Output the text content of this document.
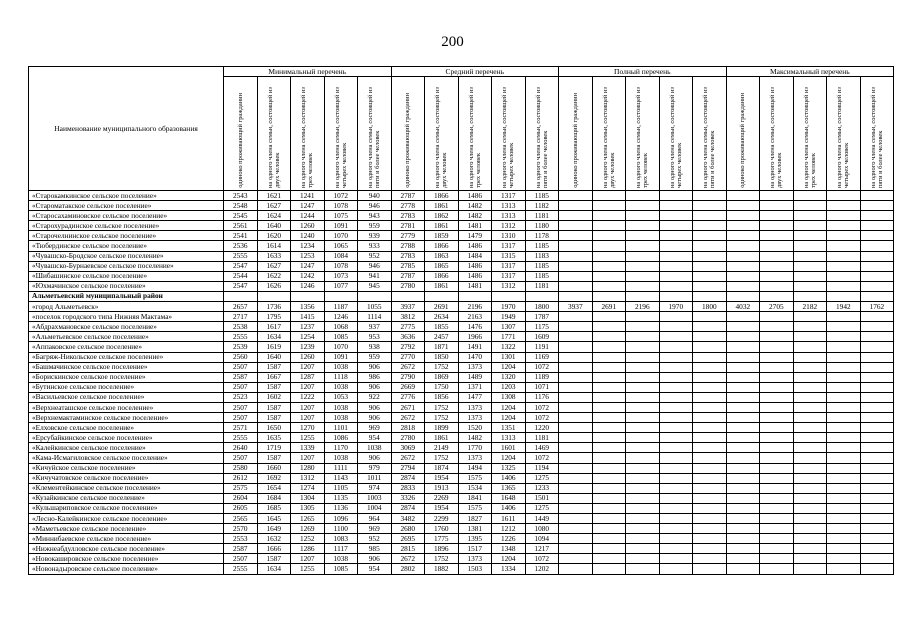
200
Наименование муниципального образования	Минимальный перечень					Средний перечень					Полный перечень					Максимальный перечень				

	одиноко проживающий гражданин	на одного члена семьи, состоящей из двух человек	на одного члена семьи, состоящей из трех человек	на одного члена семьи, состоящей из четырех человек	на одного члена семьи, состоящей из пяти и более человек	одиноко проживающий гражданин	на одного члена семьи, состоящей из двух человек	на одного члена семьи, состоящей из трех человек	на одного члена семьи, состоящей из четырех человек	на одного члена семьи, состоящей из пяти и более человек	одиноко проживающий гражданин	на одного члена семьи, состоящей из двух человек	на одного члена семьи, состоящей из трех человек	на одного члена семьи, состоящей из четырех человек	на одного члена семьи, состоящей из пяти и более человек	одиноко проживающий гражданин	на одного члена семьи, состоящей из двух человек	на одного члена семьи, состоящей из трех человек	на одного члена семьи, состоящей из четырех человек	на одного члена семьи, состоящей из пяти и более человек

«Старокамкинское сельское поселение»	2543	1621	1241	1072	940	2787	1866	1486	1317	1185										
«Староматакское сельское поселение»	2548	1627	1247	1078	946	2778	1861	1482	1313	1182										
«Старосахаминовское сельское поселение»	2545	1624	1244	1075	943	2783	1862	1482	1313	1181										
«Старохурадинское сельское поселение»	2561	1640	1260	1091	959	2781	1861	1481	1312	1180										
«Старочелнинское сельское поселение»	2541	1620	1240	1070	939	2779	1859	1479	1310	1178										
«Тюбердинское сельское поселение»	2536	1614	1234	1065	933	2788	1866	1486	1317	1185										
«Чувашско-Бродское сельское поселение»	2555	1633	1253	1084	952	2783	1863	1484	1315	1183										
«Чувашско-Бурнаевское сельское поселение»	2547	1627	1247	1078	946	2785	1865	1486	1317	1185										
«Шибашинское сельское поселение»	2544	1622	1242	1073	941	2787	1866	1486	1317	1185										
«Юхмачинское сельское поселение»	2547	1626	1246	1077	945	2780	1861	1481	1312	1181										
Альметьевский муниципальный район																				
«город Альметьевск»	2657	1736	1356	1187	1055	3937	2691	2196	1970	1800	3937	2691	2196	1970	1800	4032	2705	2182	1942	1762
«поселок городского типа Нижняя Мактама»	2717	1795	1415	1246	1114	3812	2634	2163	1949	1787										
«Абдрахмановское сельское поселение»	2538	1617	1237	1068	937	2775	1855	1476	1307	1175										
«Альметьевское сельское поселение»	2555	1634	1254	1085	953	3636	2457	1966	1771	1609										
«Аппаковское сельское поселение»	2539	1619	1239	1070	938	2792	1871	1491	1322	1191										
«Багряж-Никольское сельское поселение»	2560	1640	1260	1091	959	2770	1850	1470	1301	1169										
«Башмачинское сельское поселение»	2507	1587	1207	1038	906	2672	1752	1373	1204	1072										
«Борискинское сельское поселение»	2587	1667	1287	1118	986	2790	1869	1489	1320	1189										
«Бутинское сельское поселение»	2507	1587	1207	1038	906	2669	1750	1371	1203	1071										
«Васильевское сельское поселение»	2523	1602	1222	1053	922	2776	1856	1477	1308	1176										
«Верхнеаташское сельское поселение»	2507	1587	1207	1038	906	2671	1752	1373	1204	1072										
«Верхнемактаминское сельское поселение»	2507	1587	1207	1038	906	2672	1752	1373	1204	1072										
«Елховское сельское поселение»	2571	1650	1270	1101	969	2818	1899	1520	1351	1220										
«Ерсубайкинское сельское поселение»	2555	1635	1255	1086	954	2780	1861	1482	1313	1181										
«Калейкинское сельское поселение»	2640	1719	1339	1170	1038	3069	2149	1770	1601	1469										
«Кама-Исмагиловское сельское поселение»	2507	1587	1207	1038	906	2672	1752	1373	1204	1072										
«Кичуйское сельское поселение»	2580	1660	1280	1111	979	2794	1874	1494	1325	1194										
«Кичучатовское сельское поселение»	2612	1692	1312	1143	1011	2874	1954	1575	1406	1275										
«Клементейкинское сельское поселение»	2575	1654	1274	1105	974	2833	1913	1534	1365	1233										
«Кузайкинское сельское поселение»	2604	1684	1304	1135	1003	3326	2269	1841	1648	1501										
«Кульшариповское сельское поселение»	2605	1685	1305	1136	1004	2874	1954	1575	1406	1275										
«Лесно-Калейкинское сельское поселение»	2565	1645	1265	1096	964	3482	2299	1827	1611	1449										
«Маметьевское сельское поселение»	2570	1649	1269	1100	969	2680	1760	1381	1212	1080										
«Миннибаевское сельское поселение»	2553	1632	1252	1083	952	2695	1775	1395	1226	1094										
«Нижнеабдулловское сельское поселение»	2587	1666	1286	1117	985	2815	1896	1517	1348	1217										
«Новокашировское сельское поселение»	2507	1587	1207	1038	906	2672	1752	1373	1204	1072										
«Новонадыровское сельское поселение»	2555	1634	1255	1085	954	2802	1882	1503	1334	1202										
